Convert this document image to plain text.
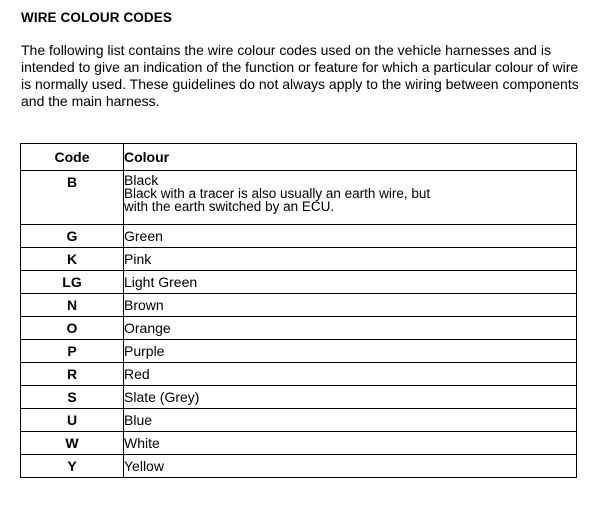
WIRE COLOUR CODES

The following list contains the wire colour codes used on the vehicle harnesses and is intended to give an indication of the function or feature for which a particular colour of wire is normally used. These guidelines do not always apply to the wiring between components and the main harness.

Code	Colour
B	Black
Black with a tracer is also usually an earth wire, but
with the earth switched by an ECU.

G	Green
K	Pink
LG	Light Green
N	Brown
O	Orange
P	Purple
R	Red
S	Slate (Grey)
U	Blue
W	White
Y	Yellow
